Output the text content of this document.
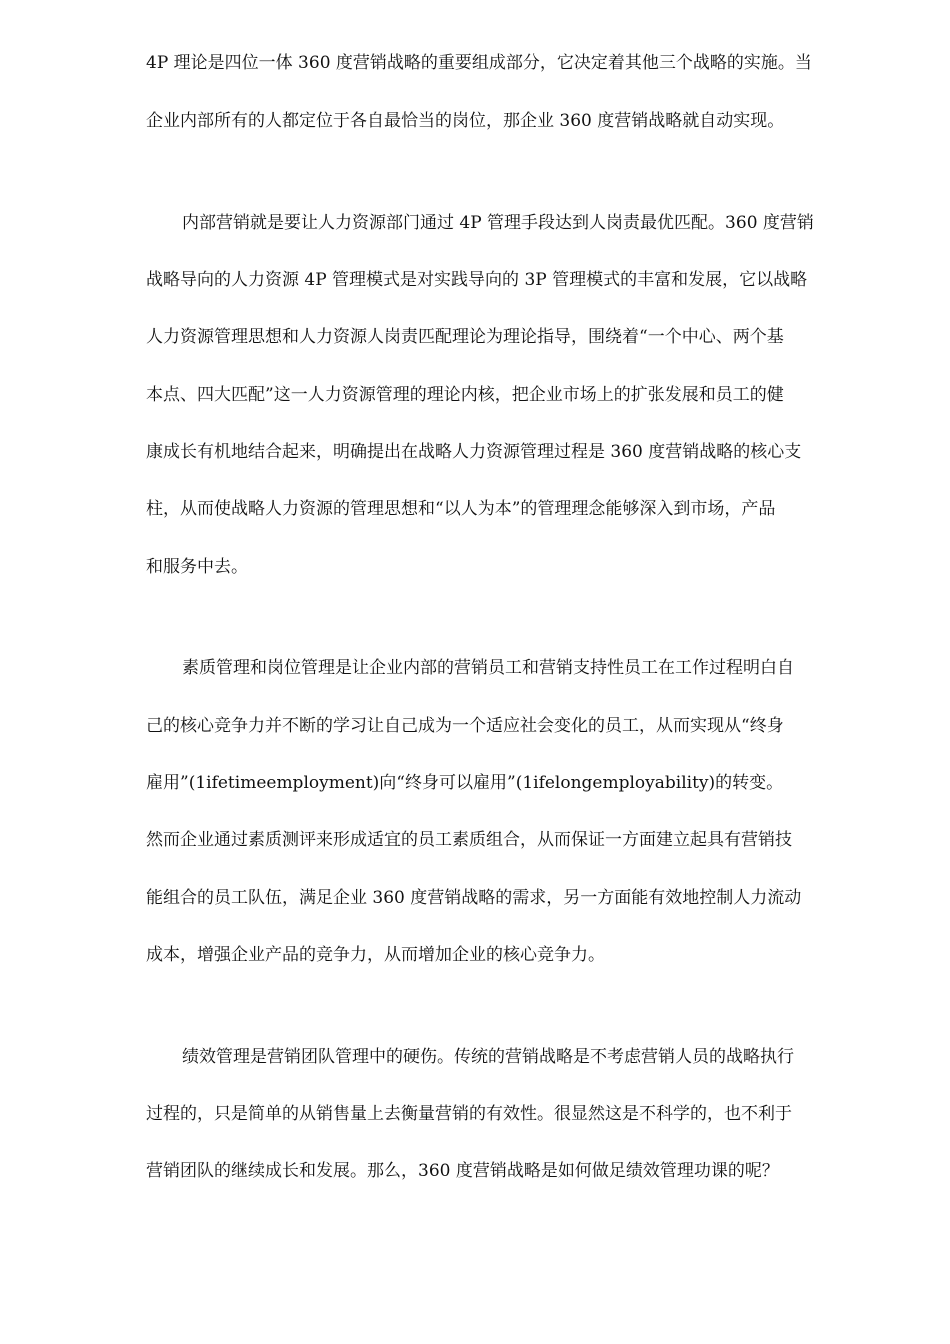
4P 理论是四位一体 360 度营销战略的重要组成部分，它决定着其他三个战略的实施。当
企业内部所有的人都定位于各自最恰当的岗位，那企业 360 度营销战略就自动实现。
内部营销就是要让人力资源部门通过 4P 管理手段达到人岗责最优匹配。360 度营销
战略导向的人力资源 4P 管理模式是对实践导向的 3P 管理模式的丰富和发展，它以战略
人力资源管理思想和人力资源人岗责匹配理论为理论指导，围绕着“一个中心、两个基
本点、四大匹配”这一人力资源管理的理论内核，把企业市场上的扩张发展和员工的健
康成长有机地结合起来，明确提出在战略人力资源管理过程是 360 度营销战略的核心支
柱，从而使战略人力资源的管理思想和“以人为本”的管理理念能够深入到市场，产品
和服务中去。
素质管理和岗位管理是让企业内部的营销员工和营销支持性员工在工作过程明白自
己的核心竞争力并不断的学习让自己成为一个适应社会变化的员工，从而实现从“终身
雇用”(1ifetimeemployment)向“终身可以雇用”(1ifelongemployability)的转变。
然而企业通过素质测评来形成适宜的员工素质组合，从而保证一方面建立起具有营销技
能组合的员工队伍，满足企业 360 度营销战略的需求，另一方面能有效地控制人力流动
成本，增强企业产品的竞争力，从而增加企业的核心竞争力。
绩效管理是营销团队管理中的硬伤。传统的营销战略是不考虑营销人员的战略执行
过程的，只是简单的从销售量上去衡量营销的有效性。很显然这是不科学的，也不利于
营销团队的继续成长和发展。那么，360 度营销战略是如何做足绩效管理功课的呢？
